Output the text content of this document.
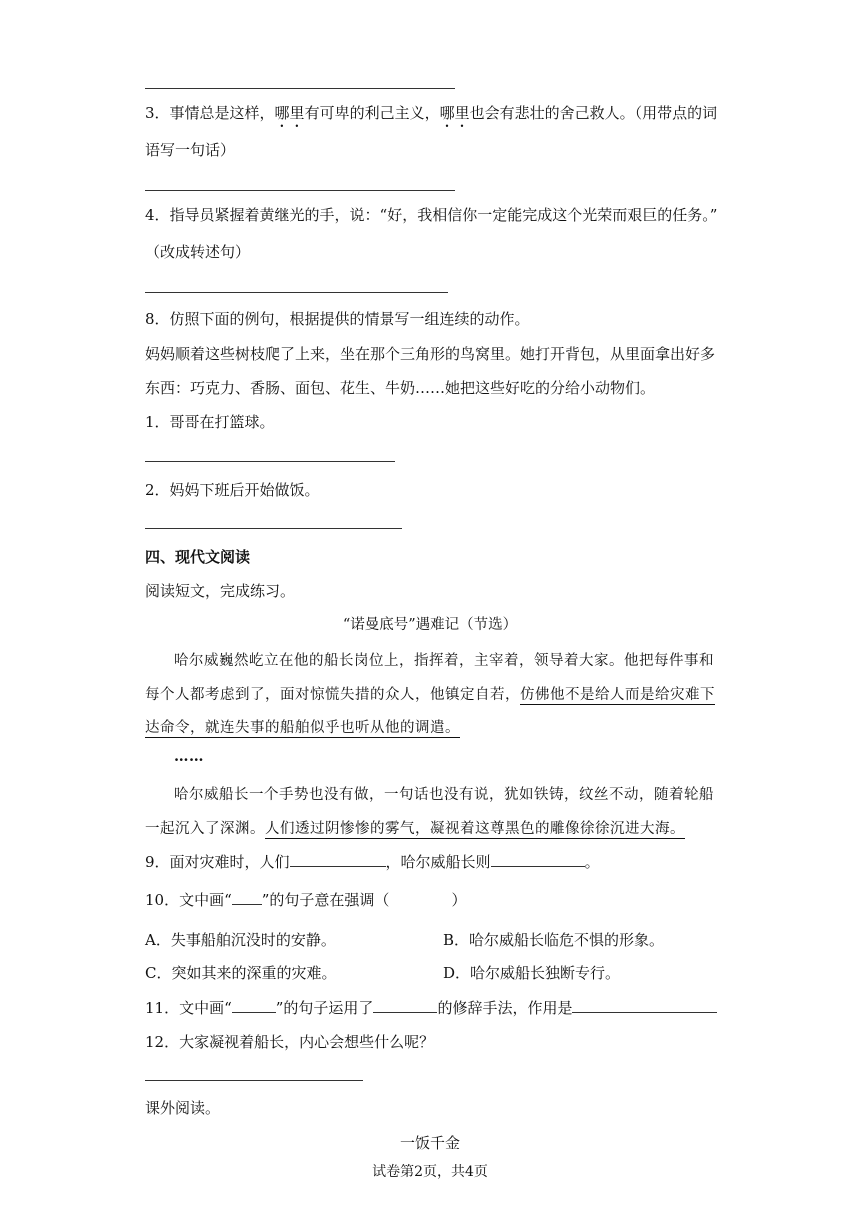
3．事情总是这样，哪里有可卑的利己主义，哪里也会有悲壮的舍己救人。（用带点的词
语写一句话）
4．指导员紧握着黄继光的手，说：“好，我相信你一定能完成这个光荣而艰巨的任务。”
（改成转述句）
8．仿照下面的例句，根据提供的情景写一组连续的动作。
妈妈顺着这些树枝爬了上来，坐在那个三角形的鸟窝里。她打开背包，从里面拿出好多
东西：巧克力、香肠、面包、花生、牛奶……她把这些好吃的分给小动物们。
1．哥哥在打篮球。
2．妈妈下班后开始做饭。
四、现代文阅读
阅读短文，完成练习。
“诺曼底号”遇难记（节选）
哈尔威巍然屹立在他的船长岗位上，指挥着，主宰着，领导着大家。他把每件事和
每个人都考虑到了，面对惊慌失措的众人，他镇定自若，仿佛他不是给人而是给灾难下
达命令，就连失事的船舶似乎也听从他的调遣。
……
哈尔威船长一个手势也没有做，一句话也没有说，犹如铁铸，纹丝不动，随着轮船
一起沉入了深渊。人们透过阴惨惨的雾气，凝视着这尊黑色的雕像徐徐沉进大海。
9．面对灾难时，人们	，哈尔威船长则	。
10．文中画“ ”的句子意在强调（	）
A．失事船舶沉没时的安静。	B．哈尔威船长临危不惧的形象。
C．突如其来的深重的灾难。	D．哈尔威船长独断专行。
11．文中画“	”的句子运用了	的修辞手法，作用是
12．大家凝视着船长，内心会想些什么呢？
课外阅读。
一饭千金
试卷第2页，共4页
